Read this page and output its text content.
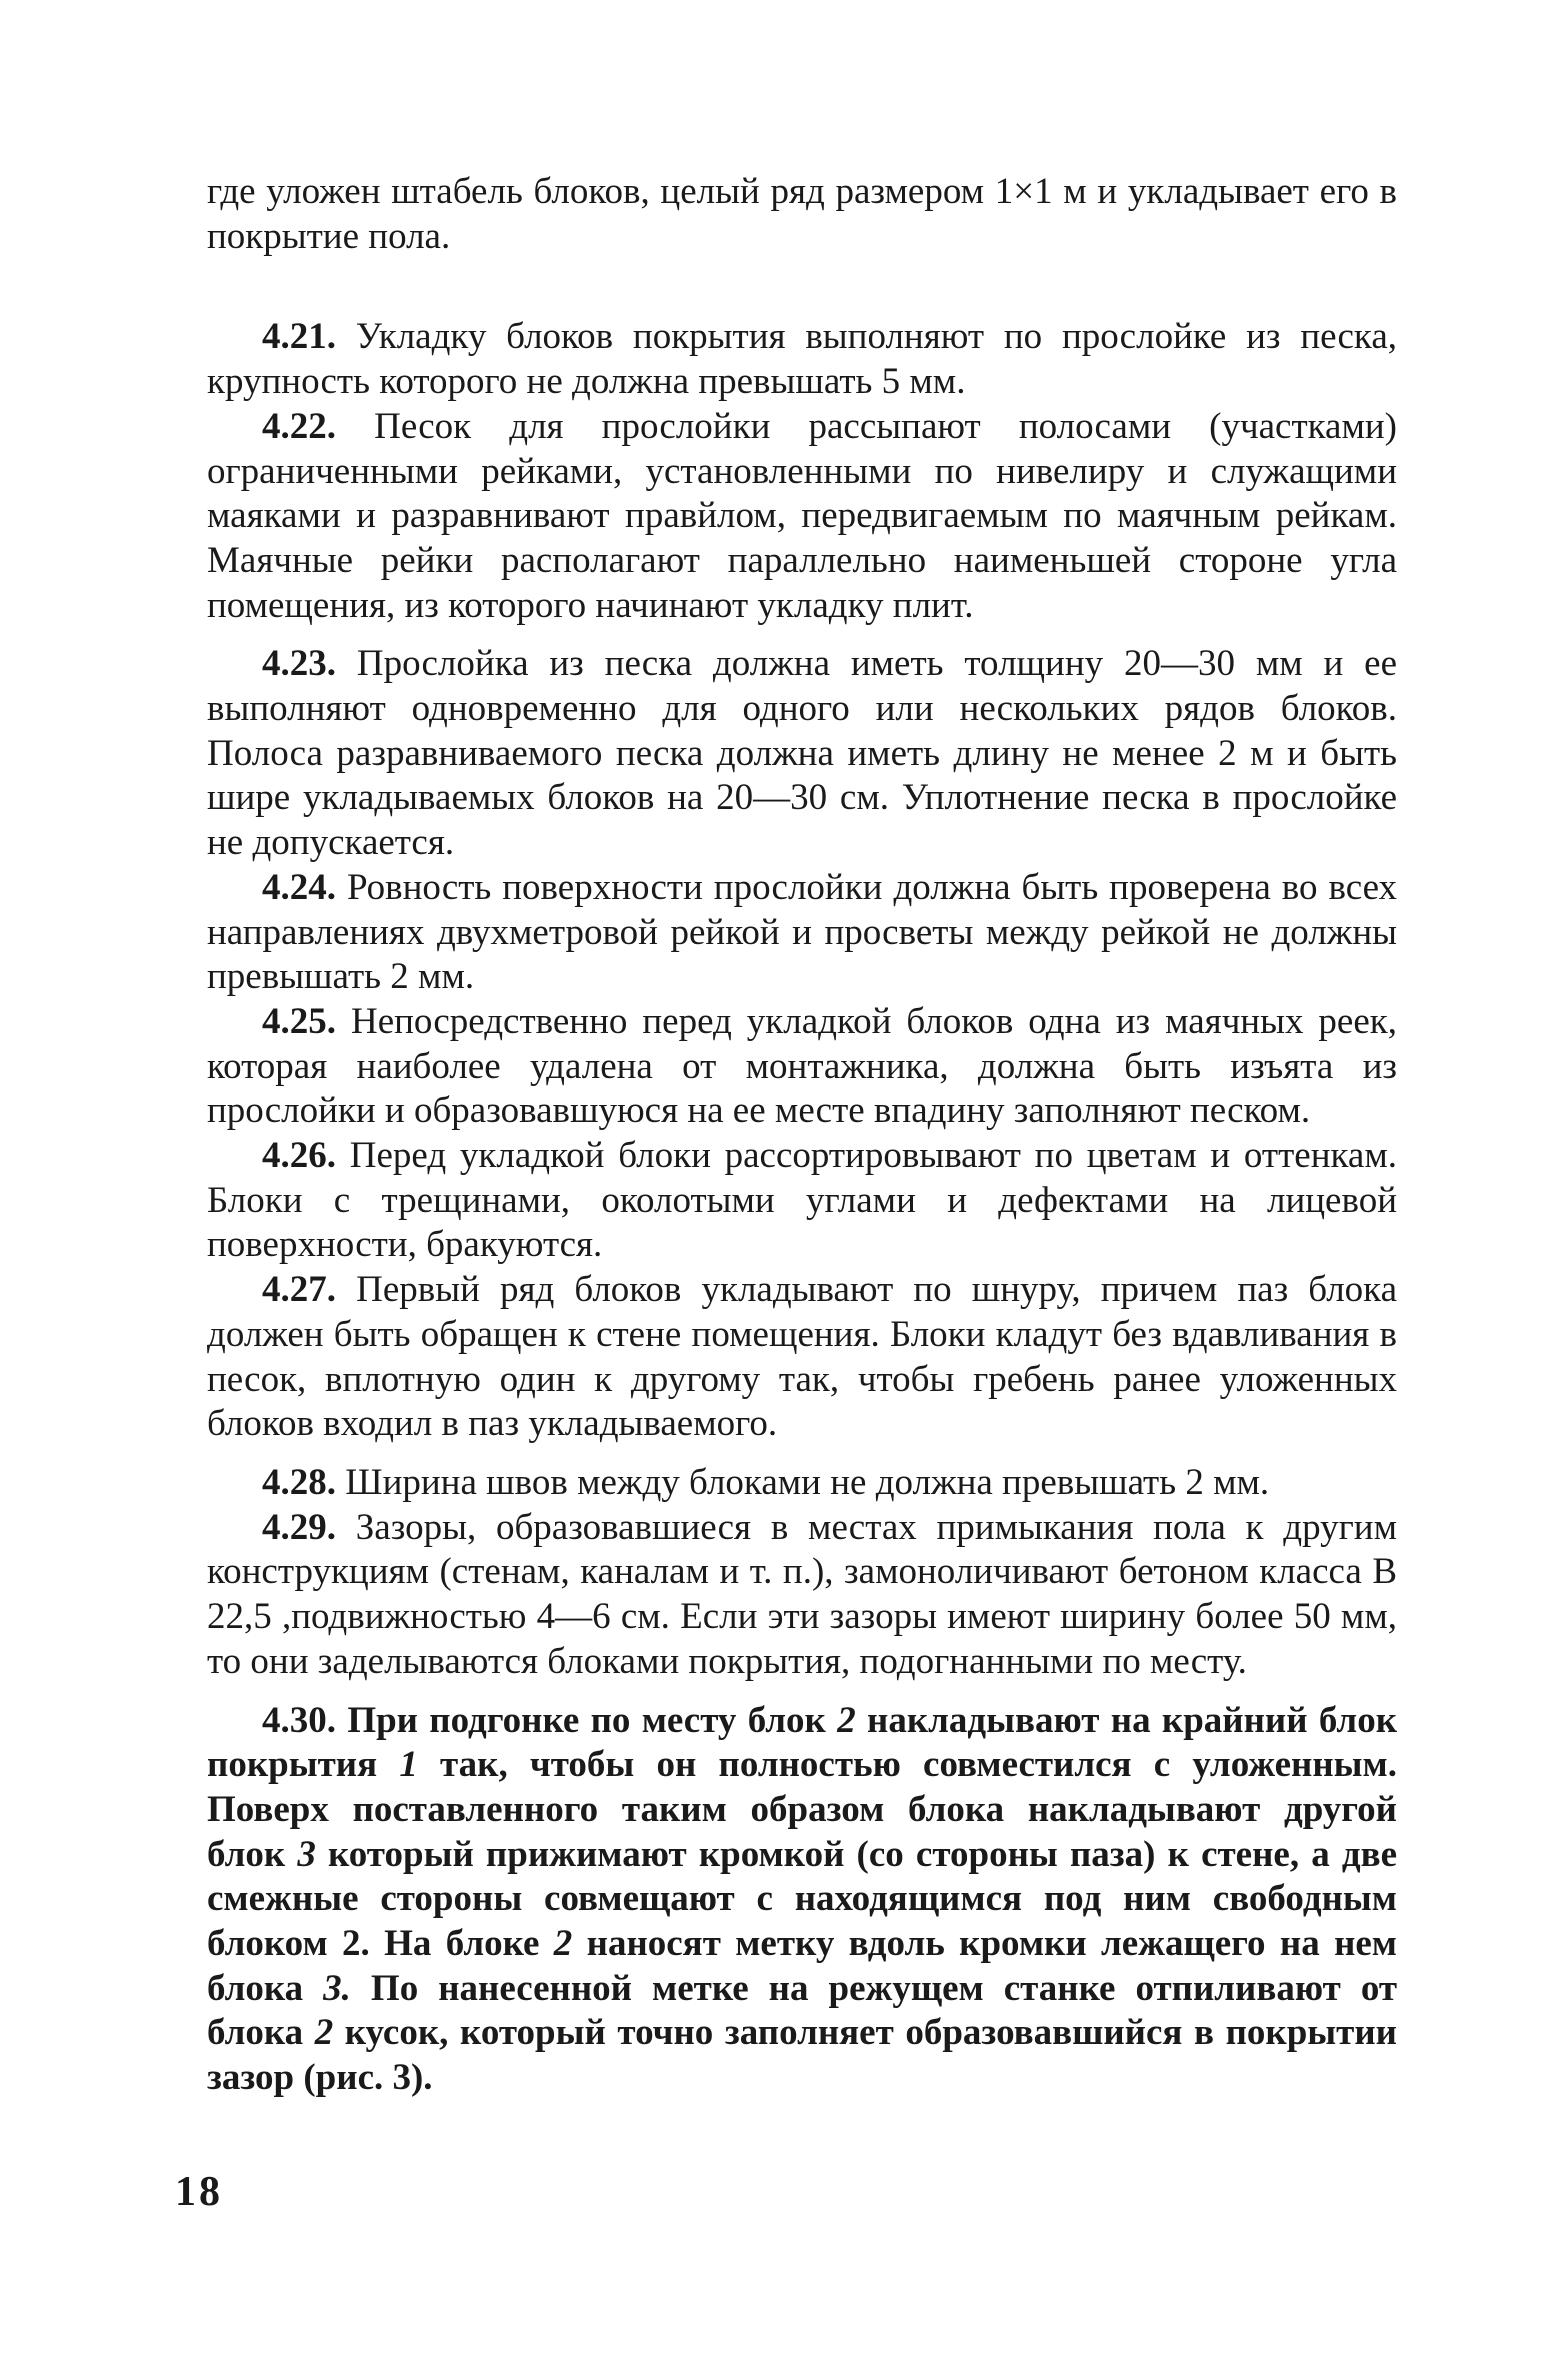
где уложен штабель блоков, целый ряд размером 1×1 м и укладывает его в покрытие пола.

4.21. Укладку блоков покрытия выполняют по прослойке из песка, крупность которого не должна превышать 5 мм.

4.22. Песок для прослойки рассыпают полосами (участками) ограниченными рейками, установленными по нивелиру и служащими маяками и разравнивают правйлом, передвигаемым по маячным рейкам. Маячные рейки располагают параллельно наименьшей стороне угла помещения, из которого начинают укладку плит.

4.23. Прослойка из песка должна иметь толщину 20—30 мм и ее выполняют одновременно для одного или нескольких рядов блоков. Полоса разравниваемого песка должна иметь длину не менее 2 м и быть шире укладываемых блоков на 20—30 см. Уплотнение песка в прослойке не допускается.

4.24. Ровность поверхности прослойки должна быть проверена во всех направлениях двухметровой рейкой и просветы между рейкой не должны превышать 2 мм.

4.25. Непосредственно перед укладкой блоков одна из маячных реек, которая наиболее удалена от монтажника, должна быть изъята из прослойки и образовавшуюся на ее месте впадину заполняют песком.

4.26. Перед укладкой блоки рассортировывают по цветам и оттенкам. Блоки с трещинами, околотыми углами и дефектами на лицевой поверхности, бракуются.

4.27. Первый ряд блоков укладывают по шнуру, причем паз блока должен быть обращен к стене помещения. Блоки кладут без вдавливания в песок, вплотную один к другому так, чтобы гребень ранее уложенных блоков входил в паз укладываемого.

4.28. Ширина швов между блоками не должна превышать 2 мм.

4.29. Зазоры, образовавшиеся в местах примыкания пола к другим конструкциям (стенам, каналам и т. п.), замоноличивают бетоном класса В 22,5 ,подвижностью 4—6 см. Если эти зазоры имеют ширину более 50 мм, то они заделываются блоками покрытия, подогнанными по месту.

4.30. При подгонке по месту блок 2 накладывают на крайний блок покрытия 1 так, чтобы он полностью совместился с уложенным. Поверх поставленного таким образом блока накладывают другой блок 3 который прижимают кромкой (со стороны паза) к стене, а две смежные стороны совмещают с находящимся под ним свободным блоком 2. На блоке 2 наносят метку вдоль кромки лежащего на нем блока 3. По нанесенной метке на режущем станке отпиливают от блока 2 кусок, который точно заполняет образовавшийся в покрытии зазор (рис. 3).

18
